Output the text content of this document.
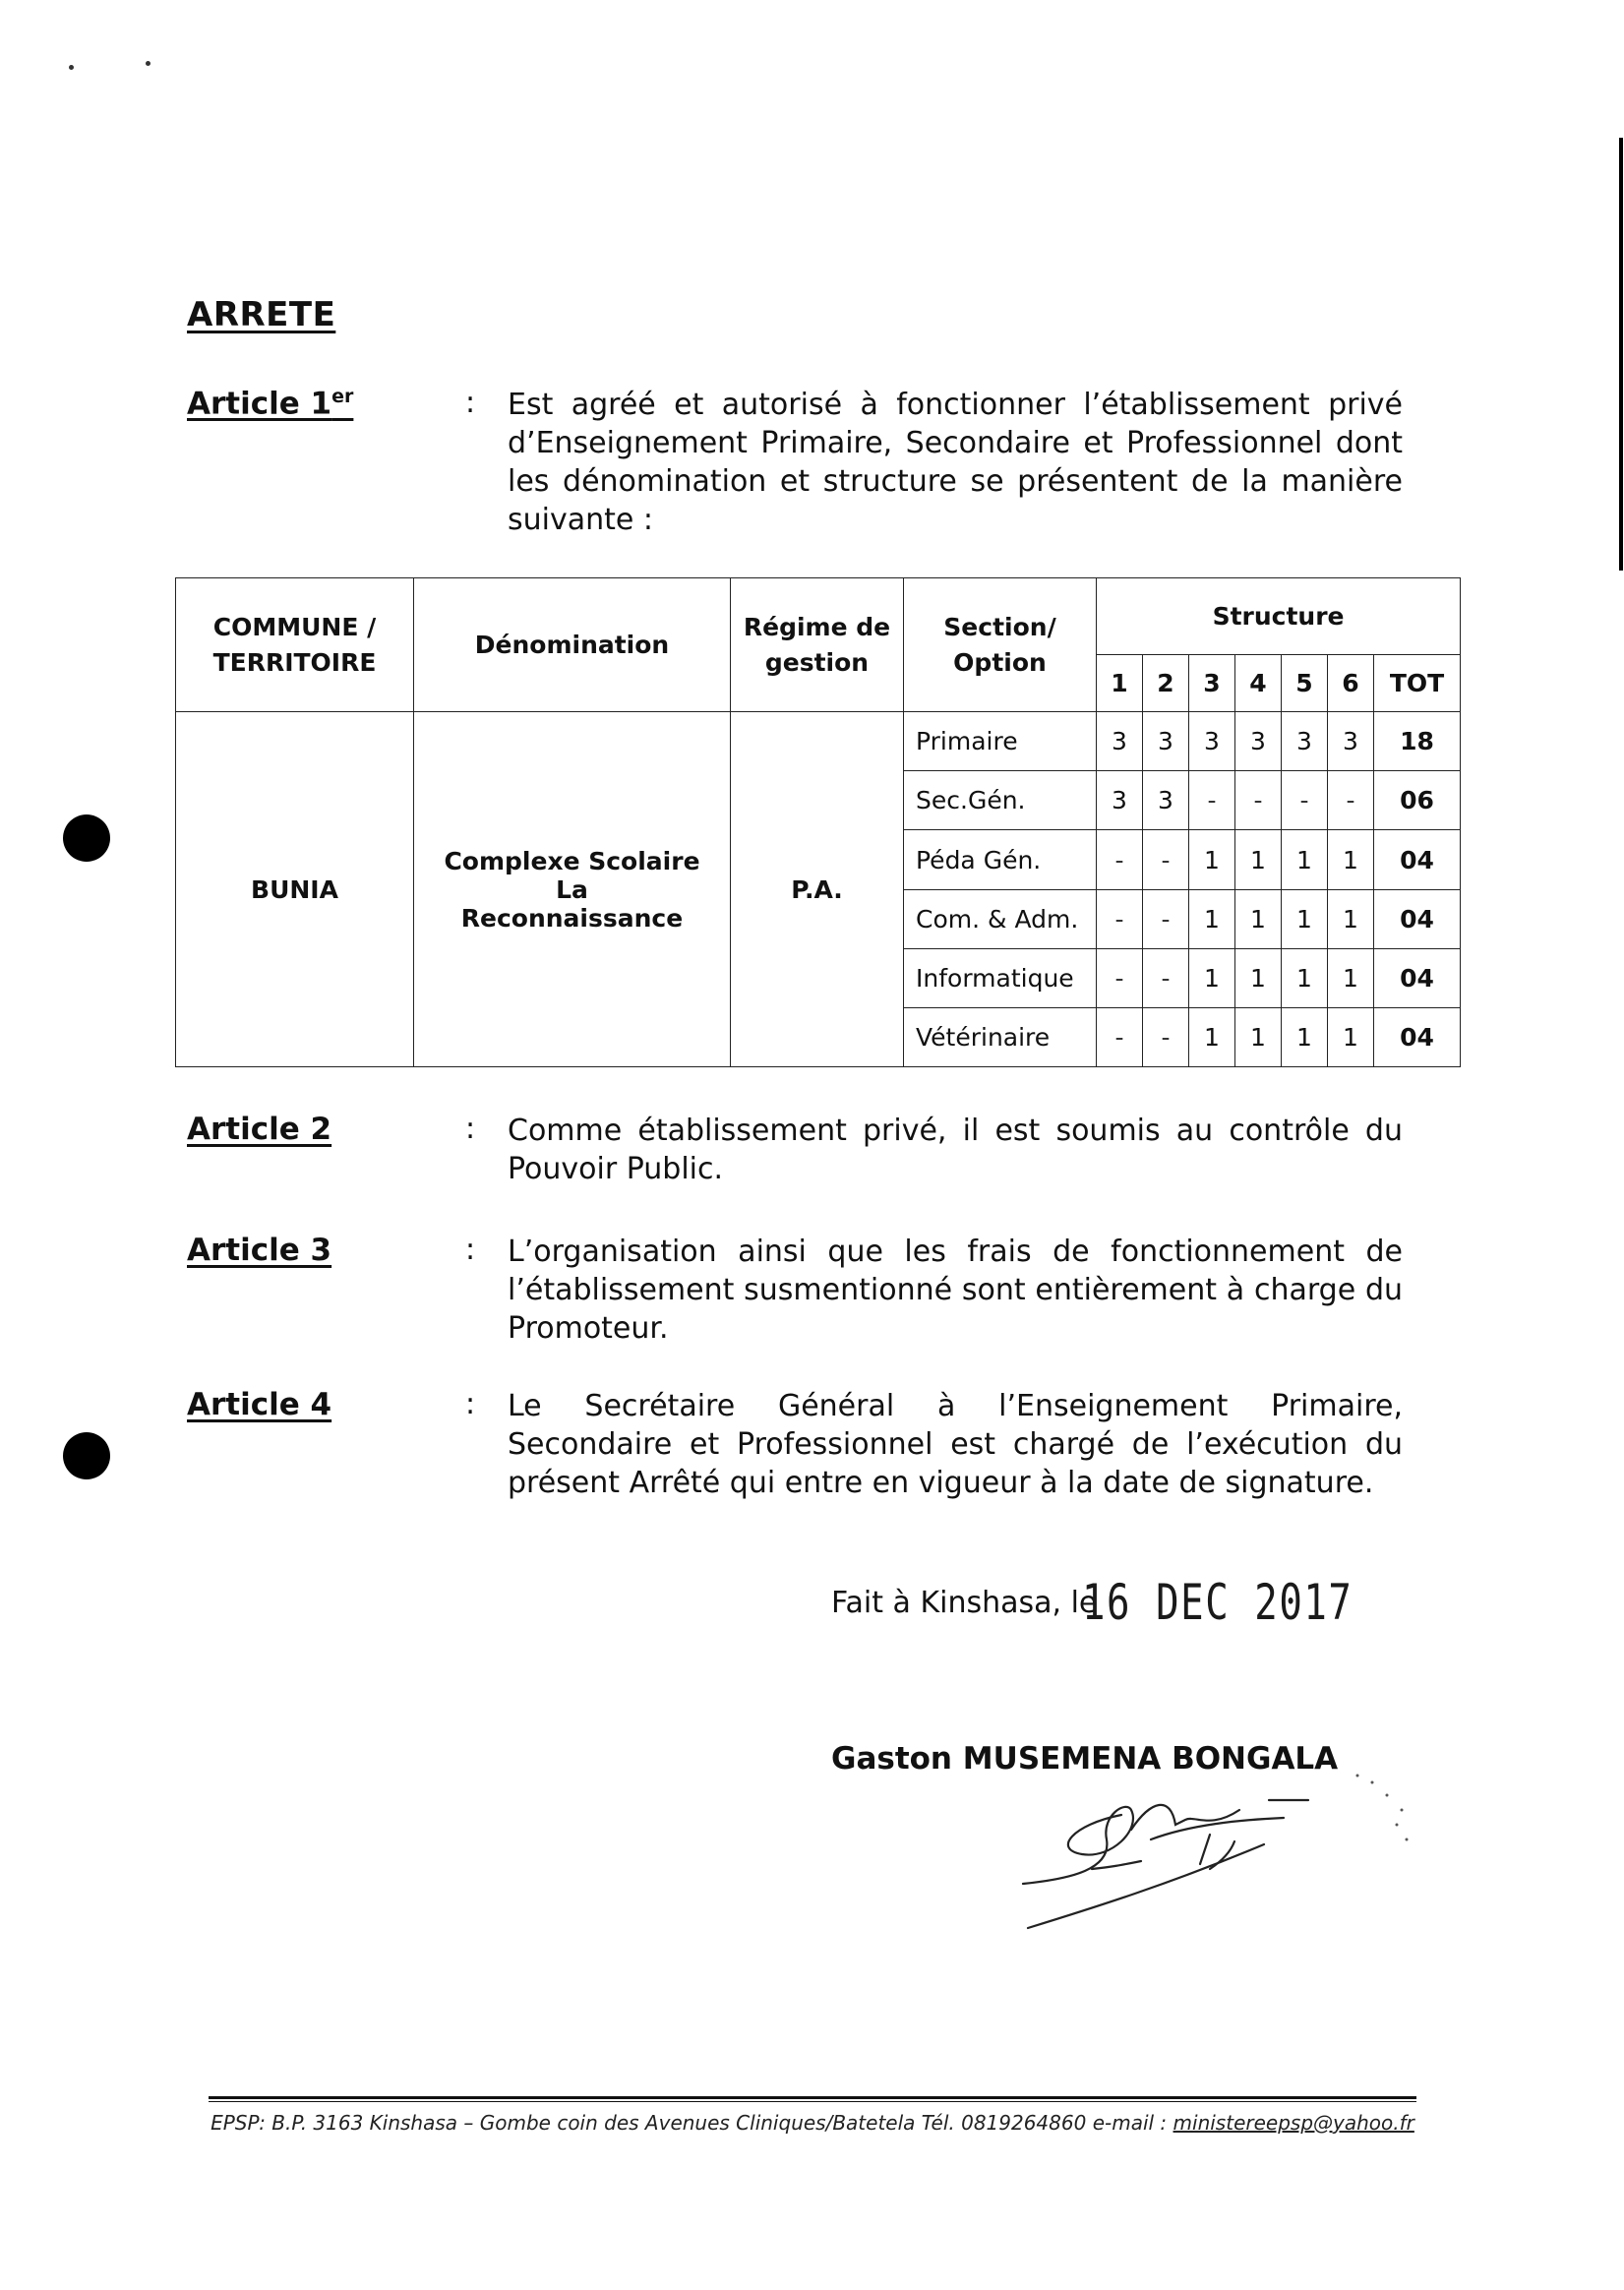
ARRETE
Article 1er	: Est agréé et autorisé à fonctionner l’établissement privé d’Enseignement Primaire, Secondaire et Professionnel dont les dénomination et structure se présentent de la manière suivante :
COMMUNE / TERRITOIRE	Dénomination	Régime de gestion	Section/ Option	Structure						
				1	2	3	4	5	6	TOT
BUNIA	Complexe Scolaire La Reconnaissance	P.A.	Primaire	3	3	3	3	3	3	18
			Sec.Gén.	3	3	-	-	-	-	06
			Péda Gén.	-	-	1	1	1	1	04
			Com. & Adm.	-	-	1	1	1	1	04
			Informatique	-	-	1	1	1	1	04
			Vétérinaire	-	-	1	1	1	1	04
Article 2	: Comme établissement privé, il est soumis au contrôle du Pouvoir Public.
Article 3	: L’organisation ainsi que les frais de fonctionnement de l’établissement susmentionné sont entièrement à charge du Promoteur.
Article 4	: Le Secrétaire Général à l’Enseignement Primaire, Secondaire et Professionnel est chargé de l’exécution du présent Arrêté qui entre en vigueur à la date de signature.
Fait à Kinshasa, le
16 DEC 2017
Gaston MUSEMENA BONGALA
EPSP: B.P. 3163 Kinshasa – Gombe coin des Avenues Cliniques/Batetela Tél. 0819264860 e-mail : ministereepsp@yahoo.fr
